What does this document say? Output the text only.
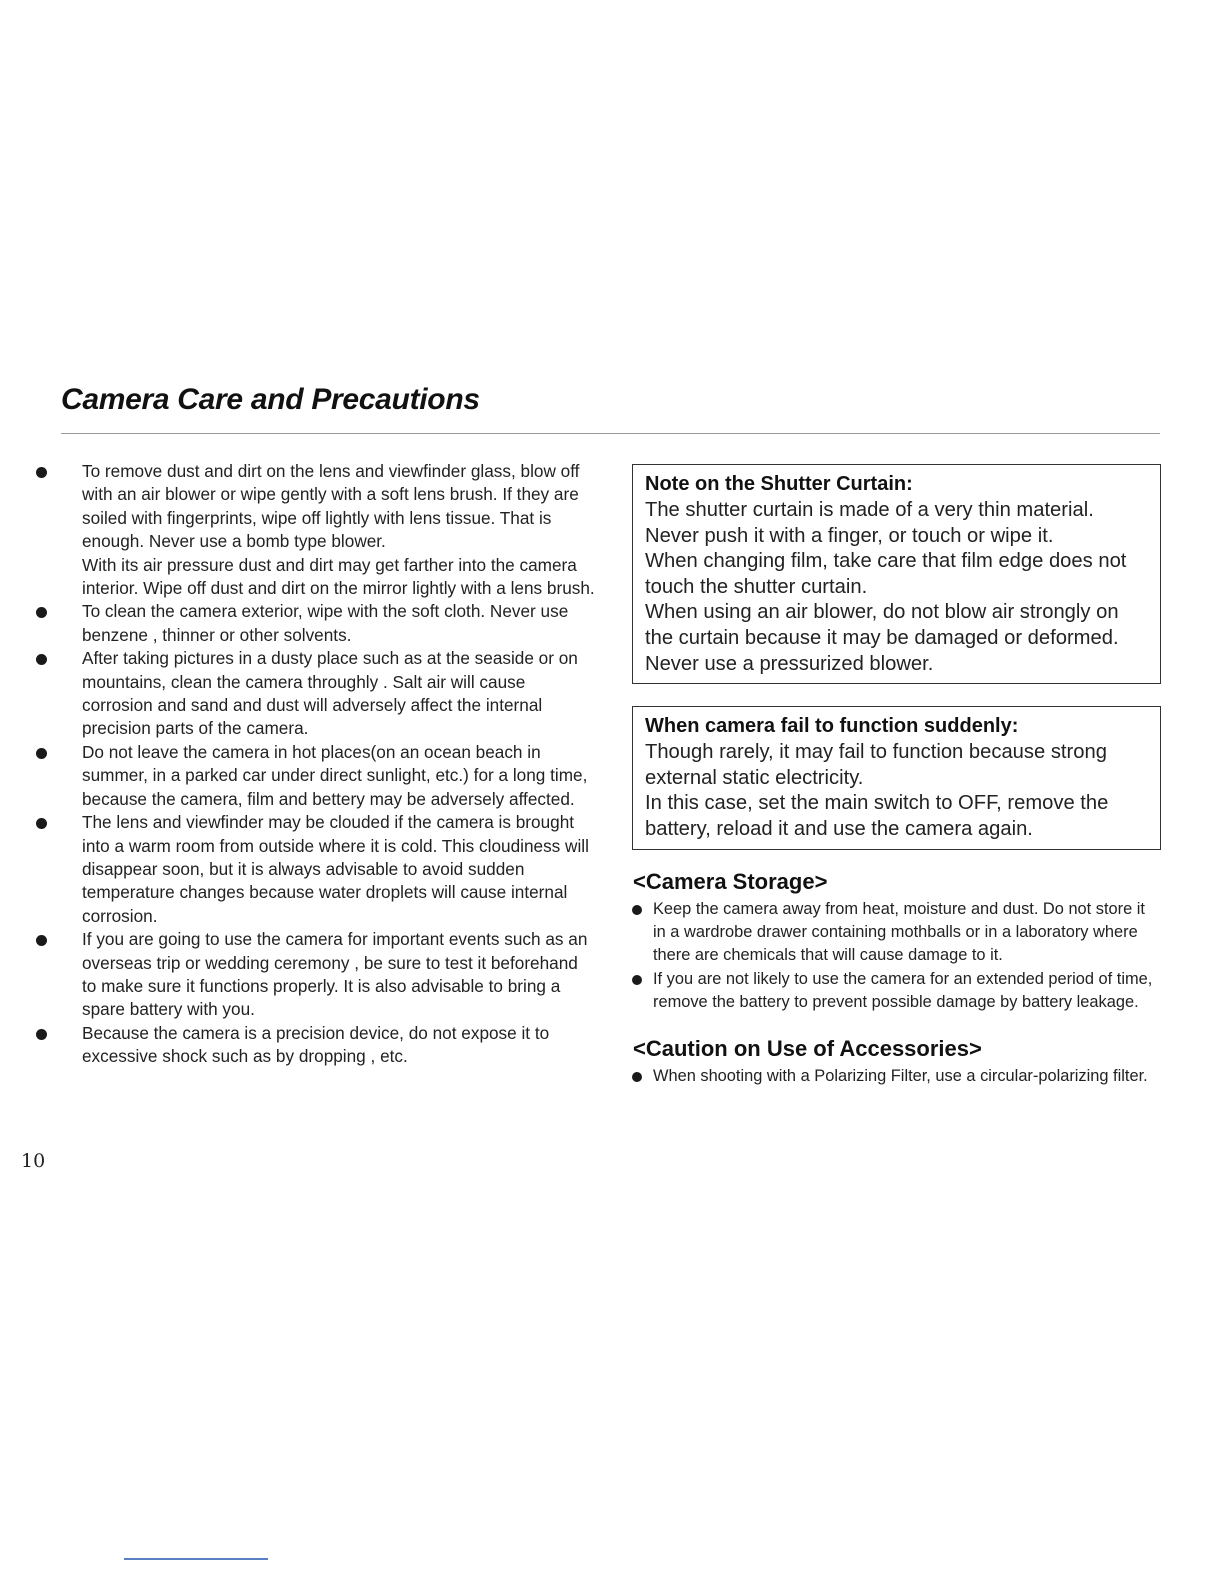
Camera Care and Precautions

To remove dust and dirt on the lens and viewfinder glass, blow off with an air blower or wipe gently with a soft lens brush. If they are soiled with fingerprints, wipe off lightly with lens tissue. That is enough. Never use a bomb type blower.

With its air pressure dust and dirt may get farther into the camera interior. Wipe off dust and dirt on the mirror lightly with a lens brush.

To clean the camera exterior, wipe with the soft cloth. Never use benzene , thinner or other solvents.

After taking pictures in a dusty place such as at the seaside or on mountains, clean the camera throughly . Salt air will cause corrosion and sand and dust will adversely affect the internal precision parts of the camera.

Do not leave the camera in hot places(on an ocean beach in summer, in a parked car under direct sunlight, etc.) for a long time, because the camera, film and bettery may be adversely affected.

The lens and viewfinder may be clouded if the camera is brought into a warm room from outside where it is cold. This cloudiness will disappear soon, but it is always advisable to avoid sudden temperature changes because water droplets will cause internal corrosion.

If you are going to use the camera for important events such as an overseas trip or wedding ceremony , be sure to test it beforehand to make sure it functions properly. It is also advisable to bring a spare battery with you.

Because the camera is a precision device, do not expose it to excessive shock such as by dropping , etc.

Note on the Shutter Curtain:

The shutter curtain is made of a very thin material. Never push it with a finger, or touch or wipe it.

When changing film, take care that film edge does not touch the shutter curtain.

When using an air blower, do not blow air strongly on the curtain because it may be damaged or deformed. Never use a pressurized blower.

When camera fail to function suddenly:

Though rarely, it may fail to function because strong external static electricity.

In this case, set the main switch to OFF, remove the battery, reload it and use the camera again.

<Camera Storage>

Keep the camera away from heat, moisture and dust. Do not store it in a wardrobe drawer containing mothballs or in a laboratory where there are chemicals that will cause damage to it.

If you are not likely to use the camera for an extended period of time, remove the battery to prevent possible damage by battery leakage.

<Caution on Use of Accessories>

When shooting with a Polarizing Filter, use a circular-polarizing filter.

10
